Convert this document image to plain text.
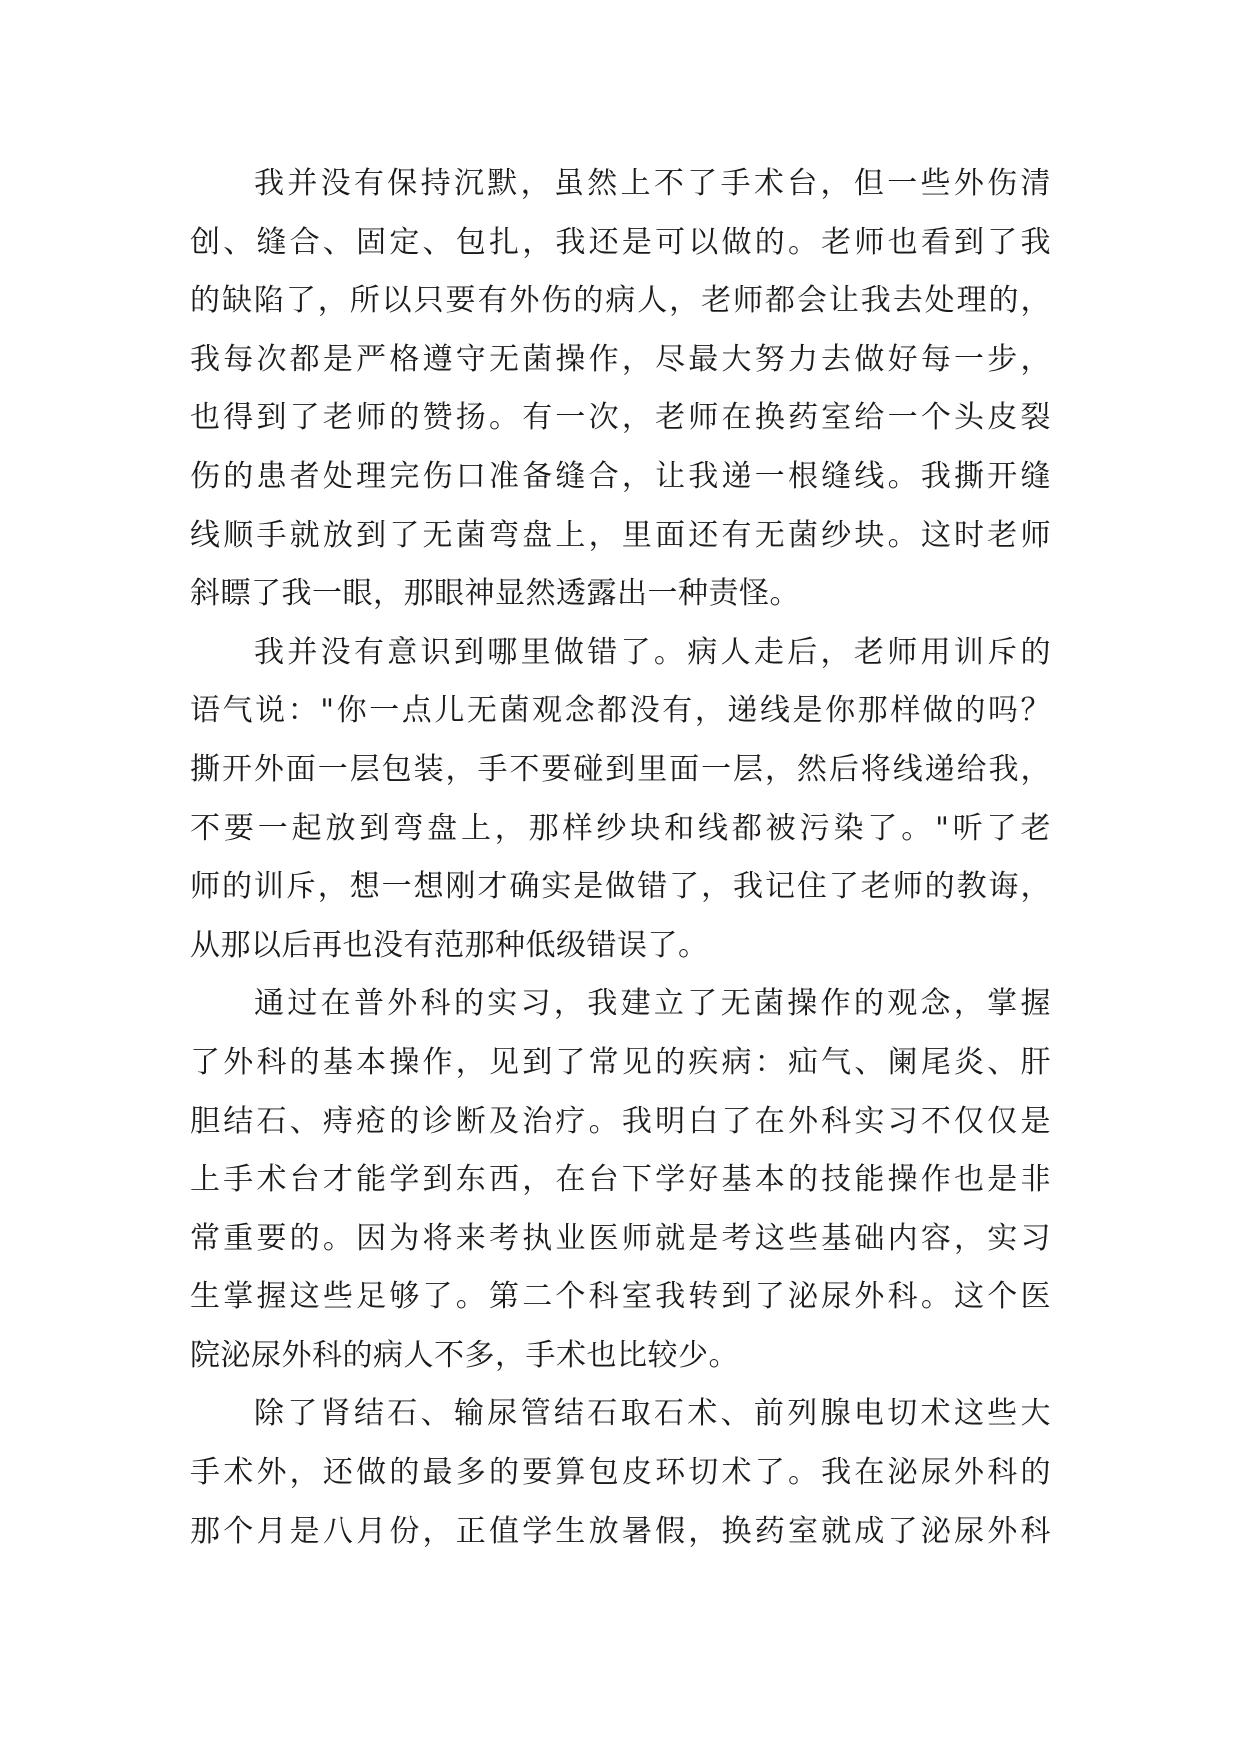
我并没有保持沉默，虽然上不了手术台，但一些外伤清
创、缝合、固定、包扎，我还是可以做的。老师也看到了我
的缺陷了，所以只要有外伤的病人，老师都会让我去处理的，
我每次都是严格遵守无菌操作，尽最大努力去做好每一步，
也得到了老师的赞扬。有一次，老师在换药室给一个头皮裂
伤的患者处理完伤口准备缝合，让我递一根缝线。我撕开缝
线顺手就放到了无菌弯盘上，里面还有无菌纱块。这时老师
斜瞟了我一眼，那眼神显然透露出一种责怪。
我并没有意识到哪里做错了。病人走后，老师用训斥的
语气说："你一点儿无菌观念都没有，递线是你那样做的吗？
撕开外面一层包装，手不要碰到里面一层，然后将线递给我，
不要一起放到弯盘上，那样纱块和线都被污染了。"听了老
师的训斥，想一想刚才确实是做错了，我记住了老师的教诲，
从那以后再也没有范那种低级错误了。
通过在普外科的实习，我建立了无菌操作的观念，掌握
了外科的基本操作，见到了常见的疾病：疝气、阑尾炎、肝
胆结石、痔疮的诊断及治疗。我明白了在外科实习不仅仅是
上手术台才能学到东西，在台下学好基本的技能操作也是非
常重要的。因为将来考执业医师就是考这些基础内容，实习
生掌握这些足够了。第二个科室我转到了泌尿外科。这个医
院泌尿外科的病人不多，手术也比较少。
除了肾结石、输尿管结石取石术、前列腺电切术这些大
手术外，还做的最多的要算包皮环切术了。我在泌尿外科的
那个月是八月份，正值学生放暑假，换药室就成了泌尿外科
